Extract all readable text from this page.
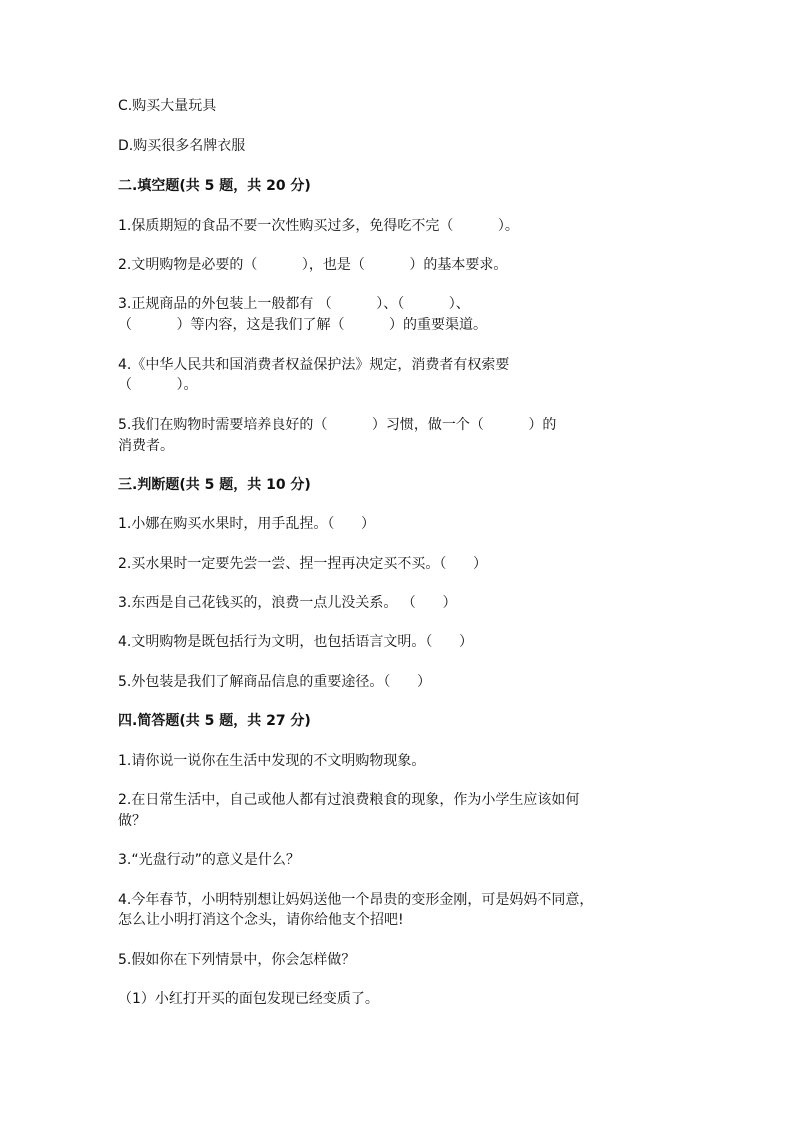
C.购买大量玩具
D.购买很多名牌衣服
二.填空题(共 5 题，共 20 分)
1.保质期短的食品不要一次性购买过多，免得吃不完（          ）。
2.文明购物是必要的（          ），也是（          ）的基本要求。
3.正规商品的外包装上一般都有 （          ）、（          ）、
（          ）等内容，这是我们了解（          ）的重要渠道。
4.《中华人民共和国消费者权益保护法》规定，消费者有权索要
（          ）。
5.我们在购物时需要培养良好的（          ）习惯，做一个（          ）的
消费者。
三.判断题(共 5 题，共 10 分)
1.小娜在购买水果时，用手乱捏。（      ）
2.买水果时一定要先尝一尝、捏一捏再决定买不买。（      ）
3.东西是自己花钱买的，浪费一点儿没关系。 （      ）
4.文明购物是既包括行为文明，也包括语言文明。（      ）
5.外包装是我们了解商品信息的重要途径。（      ）
四.简答题(共 5 题，共 27 分)
1.请你说一说你在生活中发现的不文明购物现象。
2.在日常生活中，自己或他人都有过浪费粮食的现象，作为小学生应该如何
做？
3.“光盘行动”的意义是什么？
4.今年春节，小明特别想让妈妈送他一个昂贵的变形金刚，可是妈妈不同意，
怎么让小明打消这个念头，请你给他支个招吧!
5.假如你在下列情景中，你会怎样做？
（1）小红打开买的面包发现已经变质了。
